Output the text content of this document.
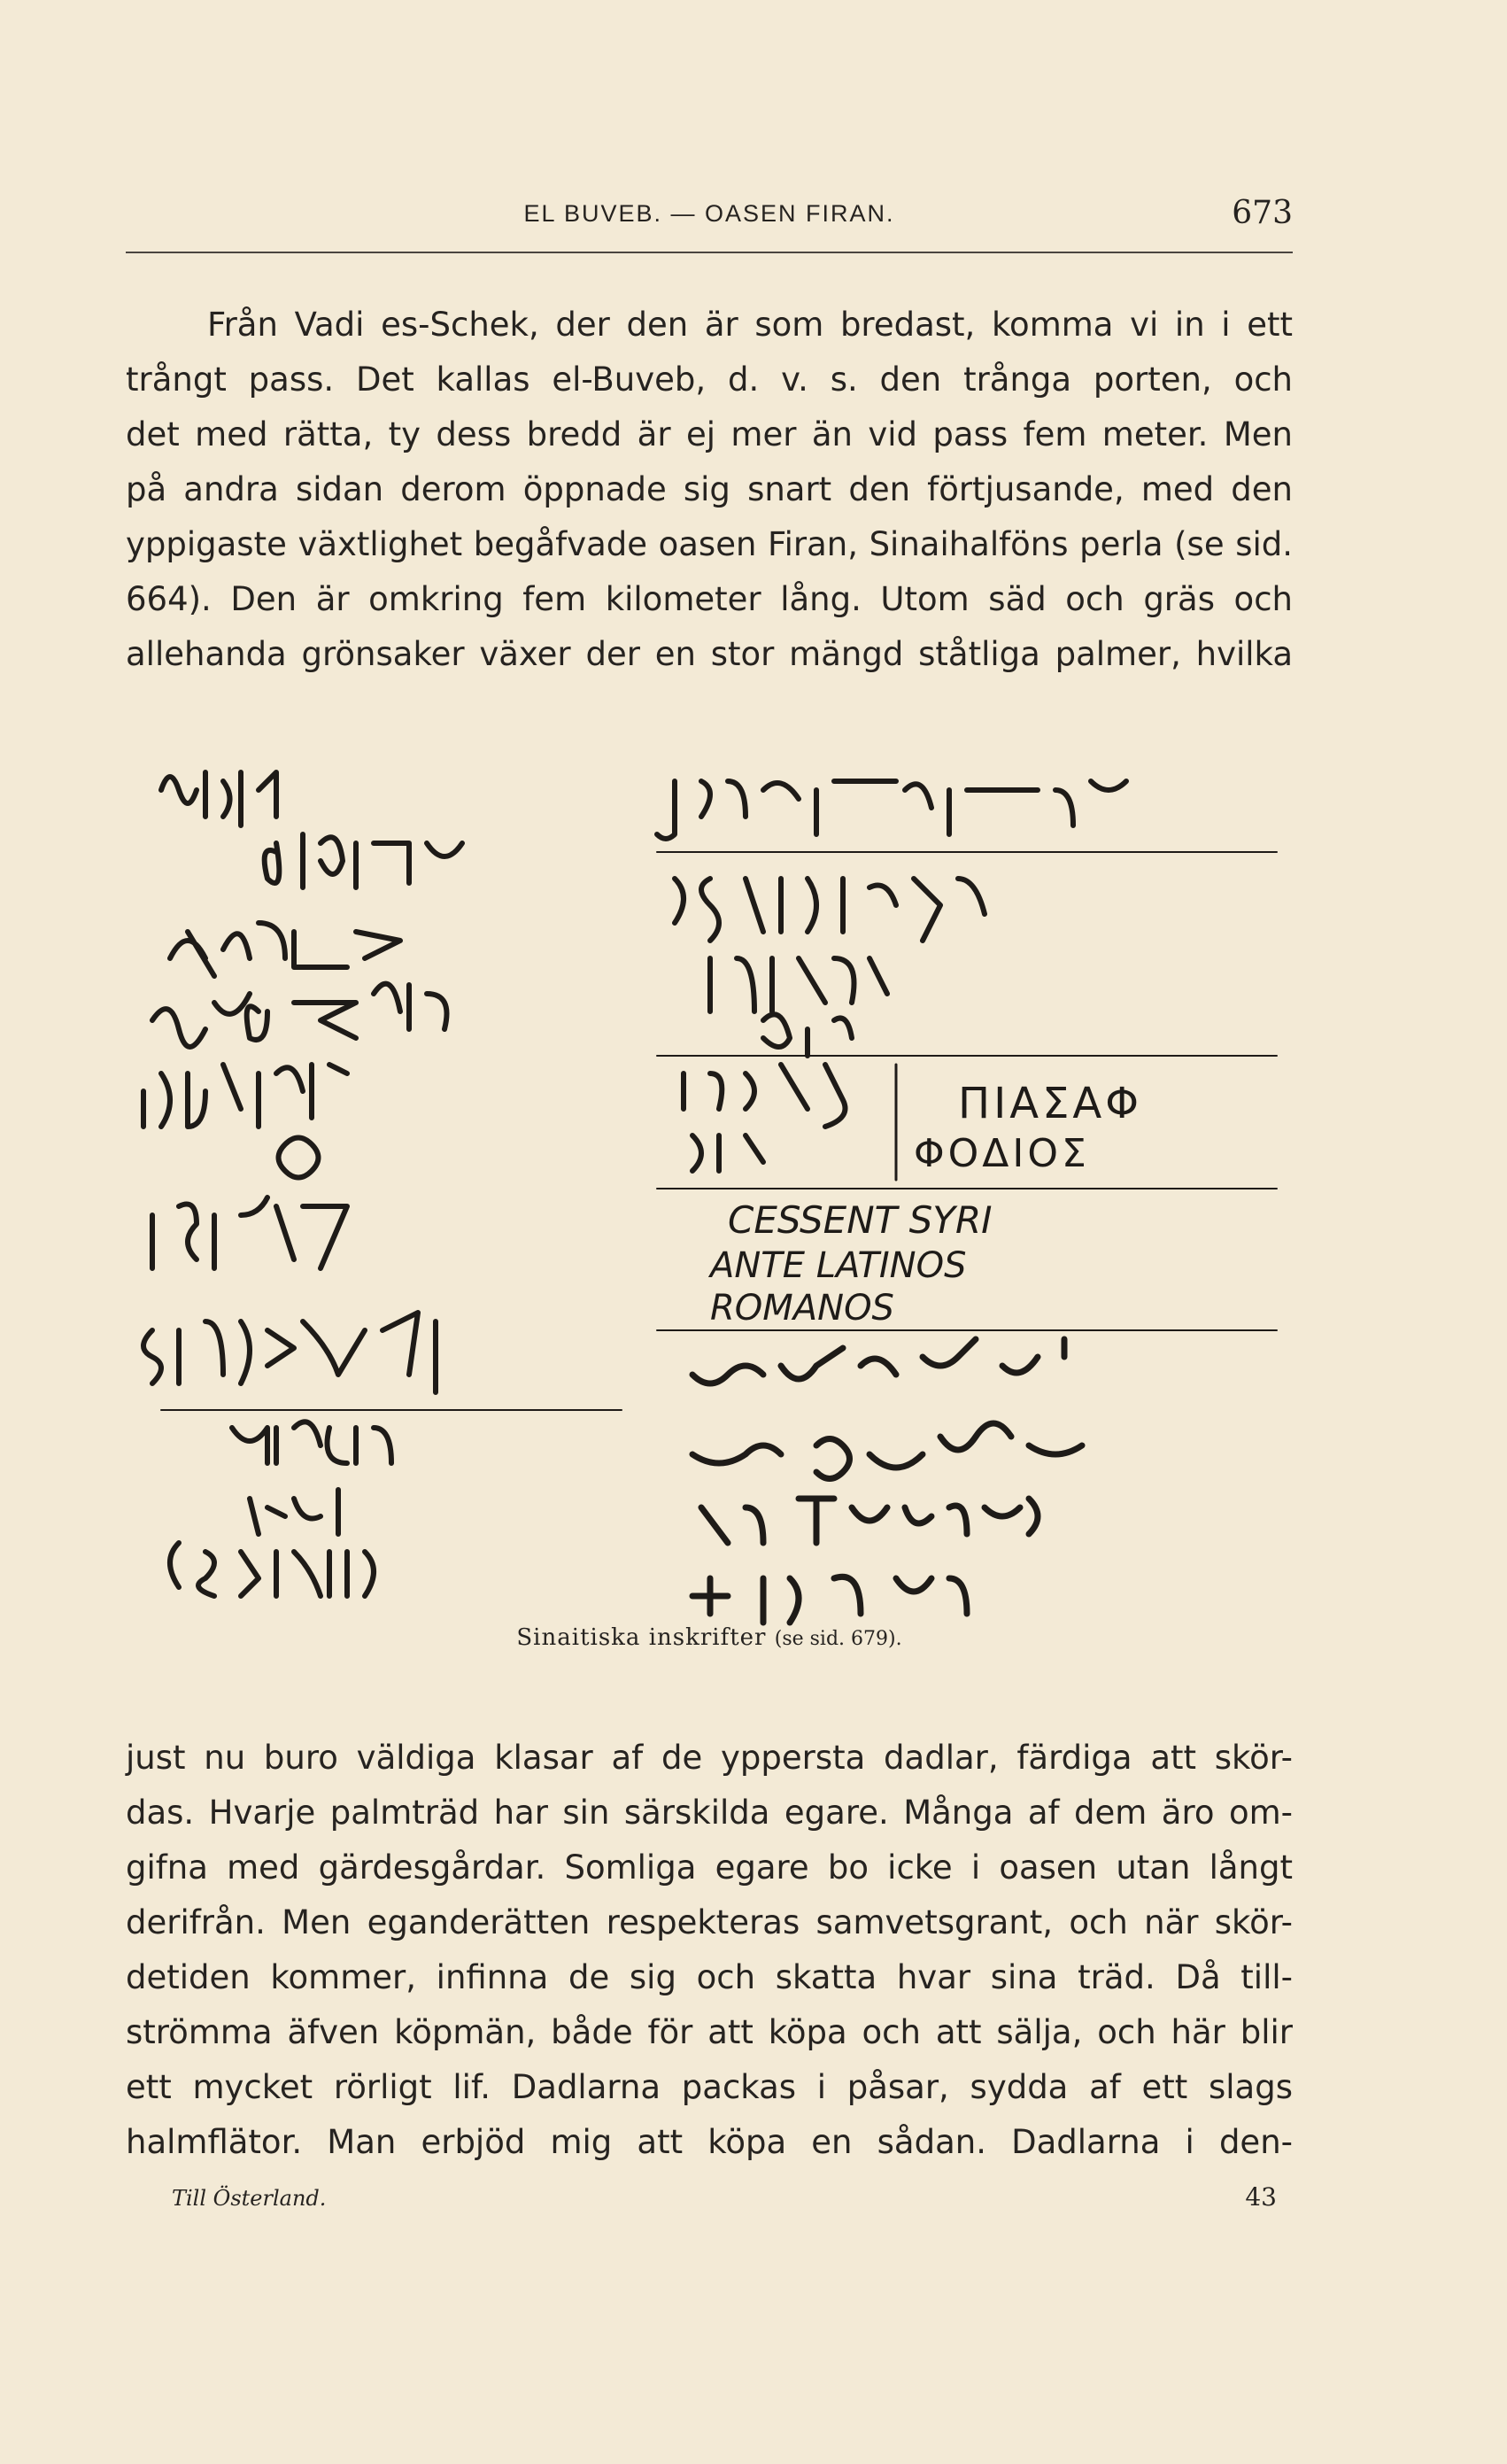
EL BUVEB. — OASEN FIRAN.	673
Från Vadi es-Schek, der den är som bredast, komma vi in i ett
trångt pass. Det kallas el-Buveb, d. v. s. den trånga porten, och
det med rätta, ty dess bredd är ej mer än vid pass fem meter. Men
på andra sidan derom öppnade sig snart den förtjusande, med den
yppigaste växtlighet begåfvade oasen Firan, Sinaihalföns perla (se sid.
664). Den är omkring fem kilometer lång. Utom säd och gräs och
allehanda grönsaker växer der en stor mängd ståtliga palmer, hvilka
ΠΙΑΣΑΦ
ΦΟΔΙΟΣ
CESSENT SYRI
ANTE LATINOS
ROMANOS
Sinaitiska inskrifter (se sid. 679).
just nu buro väldiga klasar af de yppersta dadlar, färdiga att skör-
das. Hvarje palmträd har sin särskilda egare. Många af dem äro om-
gifna med gärdesgårdar. Somliga egare bo icke i oasen utan långt
derifrån. Men eganderätten respekteras samvetsgrant, och när skör-
detiden kommer, infinna de sig och skatta hvar sina träd. Då till-
strömma äfven köpmän, både för att köpa och att sälja, och här blir
ett mycket rörligt lif. Dadlarna packas i påsar, sydda af ett slags
halmflätor. Man erbjöd mig att köpa en sådan. Dadlarna i den-
Till Österland.	43
